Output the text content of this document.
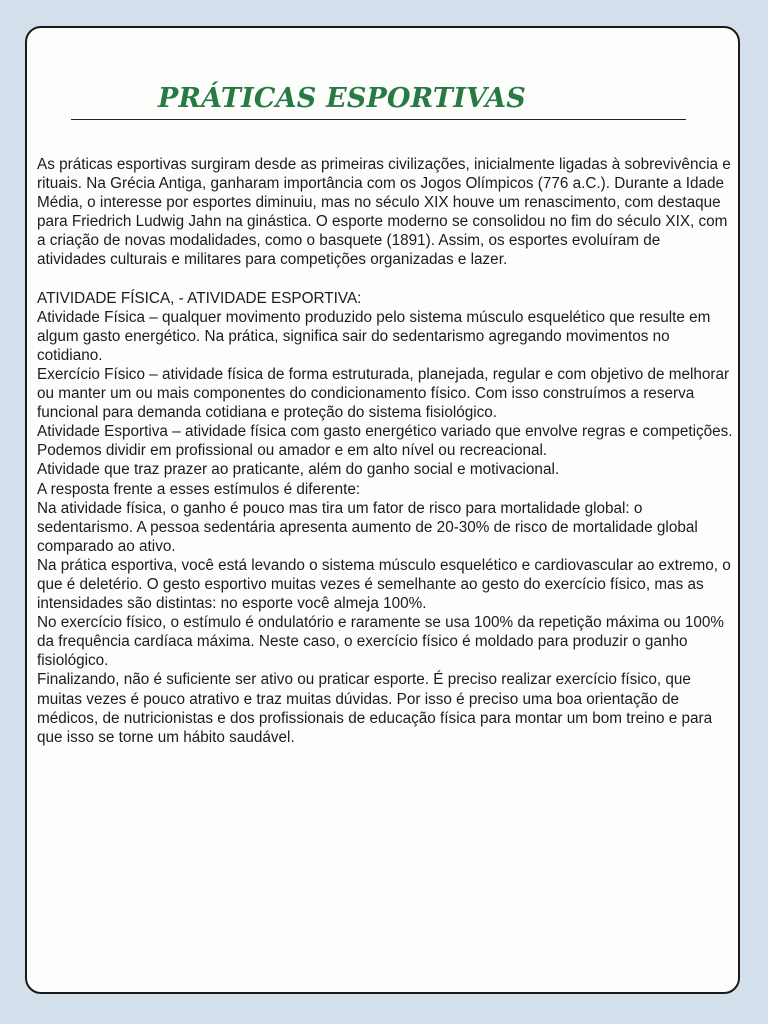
PRÁTICAS ESPORTIVAS

As práticas esportivas surgiram desde as primeiras civilizações, inicialmente ligadas à sobrevivência e rituais. Na Grécia Antiga, ganharam importância com os Jogos Olímpicos (776 a.C.). Durante a Idade Média, o interesse por esportes diminuiu, mas no século XIX houve um renascimento, com destaque para Friedrich Ludwig Jahn na ginástica. O esporte moderno se consolidou no fim do século XIX, com a criação de novas modalidades, como o basquete (1891). Assim, os esportes evoluíram de atividades culturais e militares para competições organizadas e lazer.

ATIVIDADE FÍSICA, - ATIVIDADE ESPORTIVA:

Atividade Física – qualquer movimento produzido pelo sistema músculo esquelético que resulte em algum gasto energético. Na prática, significa sair do sedentarismo agregando movimentos no cotidiano.

Exercício Físico – atividade física de forma estruturada, planejada, regular e com objetivo de melhorar ou manter um ou mais componentes do condicionamento físico. Com isso construímos a reserva funcional para demanda cotidiana e proteção do sistema fisiológico.

Atividade Esportiva – atividade física com gasto energético variado que envolve regras e competições. Podemos dividir em profissional ou amador e em alto nível ou recreacional.

Atividade que traz prazer ao praticante, além do ganho social e motivacional.

A resposta frente a esses estímulos é diferente:

Na atividade física, o ganho é pouco mas tira um fator de risco para mortalidade global: o sedentarismo. A pessoa sedentária apresenta aumento de 20-30% de risco de mortalidade global comparado ao ativo.

Na prática esportiva, você está levando o sistema músculo esquelético e cardiovascular ao extremo, o que é deletério. O gesto esportivo muitas vezes é semelhante ao gesto do exercício físico, mas as intensidades são distintas: no esporte você almeja 100%.

No exercício físico, o estímulo é ondulatório e raramente se usa 100% da repetição máxima ou 100% da frequência cardíaca máxima. Neste caso, o exercício físico é moldado para produzir o ganho fisiológico.

Finalizando, não é suficiente ser ativo ou praticar esporte. É preciso realizar exercício físico, que muitas vezes é pouco atrativo e traz muitas dúvidas. Por isso é preciso uma boa orientação de médicos, de nutricionistas e dos profissionais de educação física para montar um bom treino e para que isso se torne um hábito saudável.
